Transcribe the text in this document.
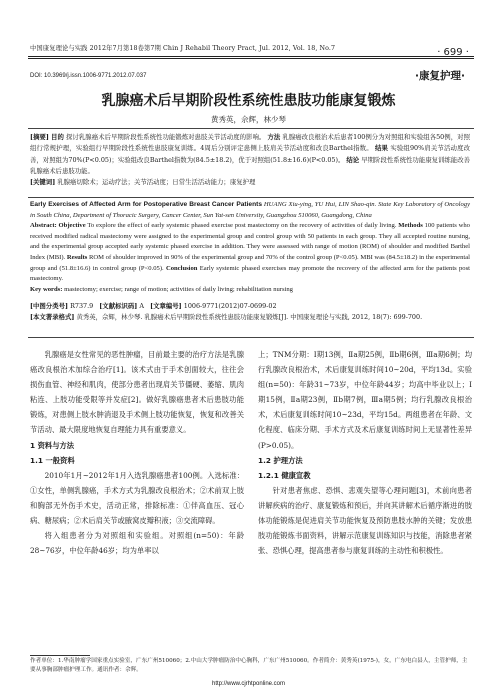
中国康复理论与实践 2012年7月第18卷第7期 Chin J Rehabil Theory Pract, Jul. 2012, Vol. 18, No.7	· 699 ·
DOI: 10.3969/j.issn.1006-9771.2012.07.037	·康复护理·
乳腺癌术后早期阶段性系统性患肢功能康复锻炼
黄秀英，佘辉，林少琴

[摘要] 目的 探讨乳腺癌术后早期阶段性系统性功能锻炼对患肢关节活动度的影响。 方法 乳腺癌改良根治术后患者100例分为对照组和实验组各50例，对照组行常规护理，实验组行早期阶段性系统性患肢康复训练。4周后分别评定患侧上肢肩关节活动度和改良Barthel指数。 结果 实验组90%肩关节活动度改善，对照组为70%(P<0.05)；实验组改良Barthel指数为(84.5±18.2)，优于对照组(51.8±16.6)(P<0.05)。 结论 早期阶段性系统性功能康复训练能改善乳腺癌术后患肢功能。

[关键词] 乳腺癌切除术；运动疗法；关节活动度；日常生活活动能力；康复护理

Early Exercises of Affected Arm for Postoperative Breast Cancer Patients HUANG Xiu-ying, YU Hui, LIN Shao-qin. State Key Laboratory of Oncology in South China, Department of Thoracic Surgery, Cancer Center, Sun Yat-sen University, Guangzhou 510060, Guangdong, China

Abstract: Objective To explore the effect of early systemic phased exercise post mastectomy on the recovery of activities of daily living. Methods 100 patients who received modified radical mastectomy were assigned to the experimental group and control group with 50 patients in each group. They all accepted routine nursing, and the experimental group accepted early systemic phased exercise in addition. They were assessed with range of motion (ROM) of shoulder and modified Barthel Index (MBI). Results ROM of shoulder improved in 90% of the experimental group and 70% of the control group (P<0.05). MBI was (84.5±18.2) in the experimental group and (51.8±16.6) in control group (P<0.05). Conclusion Early systemic phased exercises may promote the recovery of the affected arm for the patients post mastectomy.

Key words: mastectomy; exercise; range of motion; activities of daily living; rehabilitation nursing

[中图分类号] R737.9 [文献标识码] A [文章编号] 1006-9771(2012)07-0699-02

[本文著录格式] 黄秀英，佘辉，林少琴. 乳腺癌术后早期阶段性系统性患肢功能康复锻炼[J]. 中国康复理论与实践, 2012, 18(7): 699-700.

乳腺癌是女性常见的恶性肿瘤，目前最主要的治疗方法是乳腺癌改良根治术加综合治疗[1]。该术式由于手术创面较大，往往会损伤血管、神经和肌肉，使部分患者出现肩关节僵硬、萎缩、肌肉粘连、上肢功能受限等并发症[2]。做好乳腺癌患者术后患肢功能锻炼，对患侧上肢水肿消退及手术侧上肢功能恢复，恢复和改善关节活动、最大限度地恢复自理能力具有重要意义。

1 资料与方法

1.1 一般资料

2010年1月~2012年1月入选乳腺癌患者100例。入选标准：①女性，单侧乳腺癌，手术方式为乳腺改良根治术；②术前双上肢和胸部无外伤手术史，活动正常，排除标准：①伴高血压、冠心病、糖尿病；②术后肩关节或腋窝皮瓣积液；③交流障碍。

将入组患者分为对照组和实验组。对照组(n=50)：年龄28~76岁，中位年龄46岁；均为单率以

上；TNM分期：Ⅰ期13例，Ⅱa期25例，Ⅱb期6例，Ⅲa期6例；均行乳腺改良根治术，术后康复训练时间10~20d，平均13d。实验组(n=50)：年龄31~73岁，中位年龄44岁；均高中毕业以上；Ⅰ期15例，Ⅱa期23例，Ⅱb期7例，Ⅲa期5例；均行乳腺改良根治术，术后康复训练时间10~23d，平均15d。两组患者在年龄、文化程度、临床分期、手术方式及术后康复训练时间上无显著性差异(P>0.05)。

1.2 护理方法

1.2.1 健康宣教

针对患者焦虑、恐惧、悲观失望等心理问题[3]，术前向患者讲解疾病的治疗、康复锻炼和预后，并向其讲解术后循序渐进的肢体功能锻炼是促进肩关节功能恢复及预防患肢水肿的关键；发放患肢功能锻炼书面资料，讲解示范康复训练知识与技能，消除患者紧张、恐惧心理，提高患者参与康复训练的主动性和积极性。

作者单位：1.华南肿瘤学国家重点实验室，广东广州510060；2.中山大学肿瘤防治中心胸科，广东广州510060。作者简介：黄秀英(1975-)，女，广东电白县人，主管护师，主要从事胸部肿瘤护理工作。通讯作者：佘辉。
http://www.cjrhtponline.com
